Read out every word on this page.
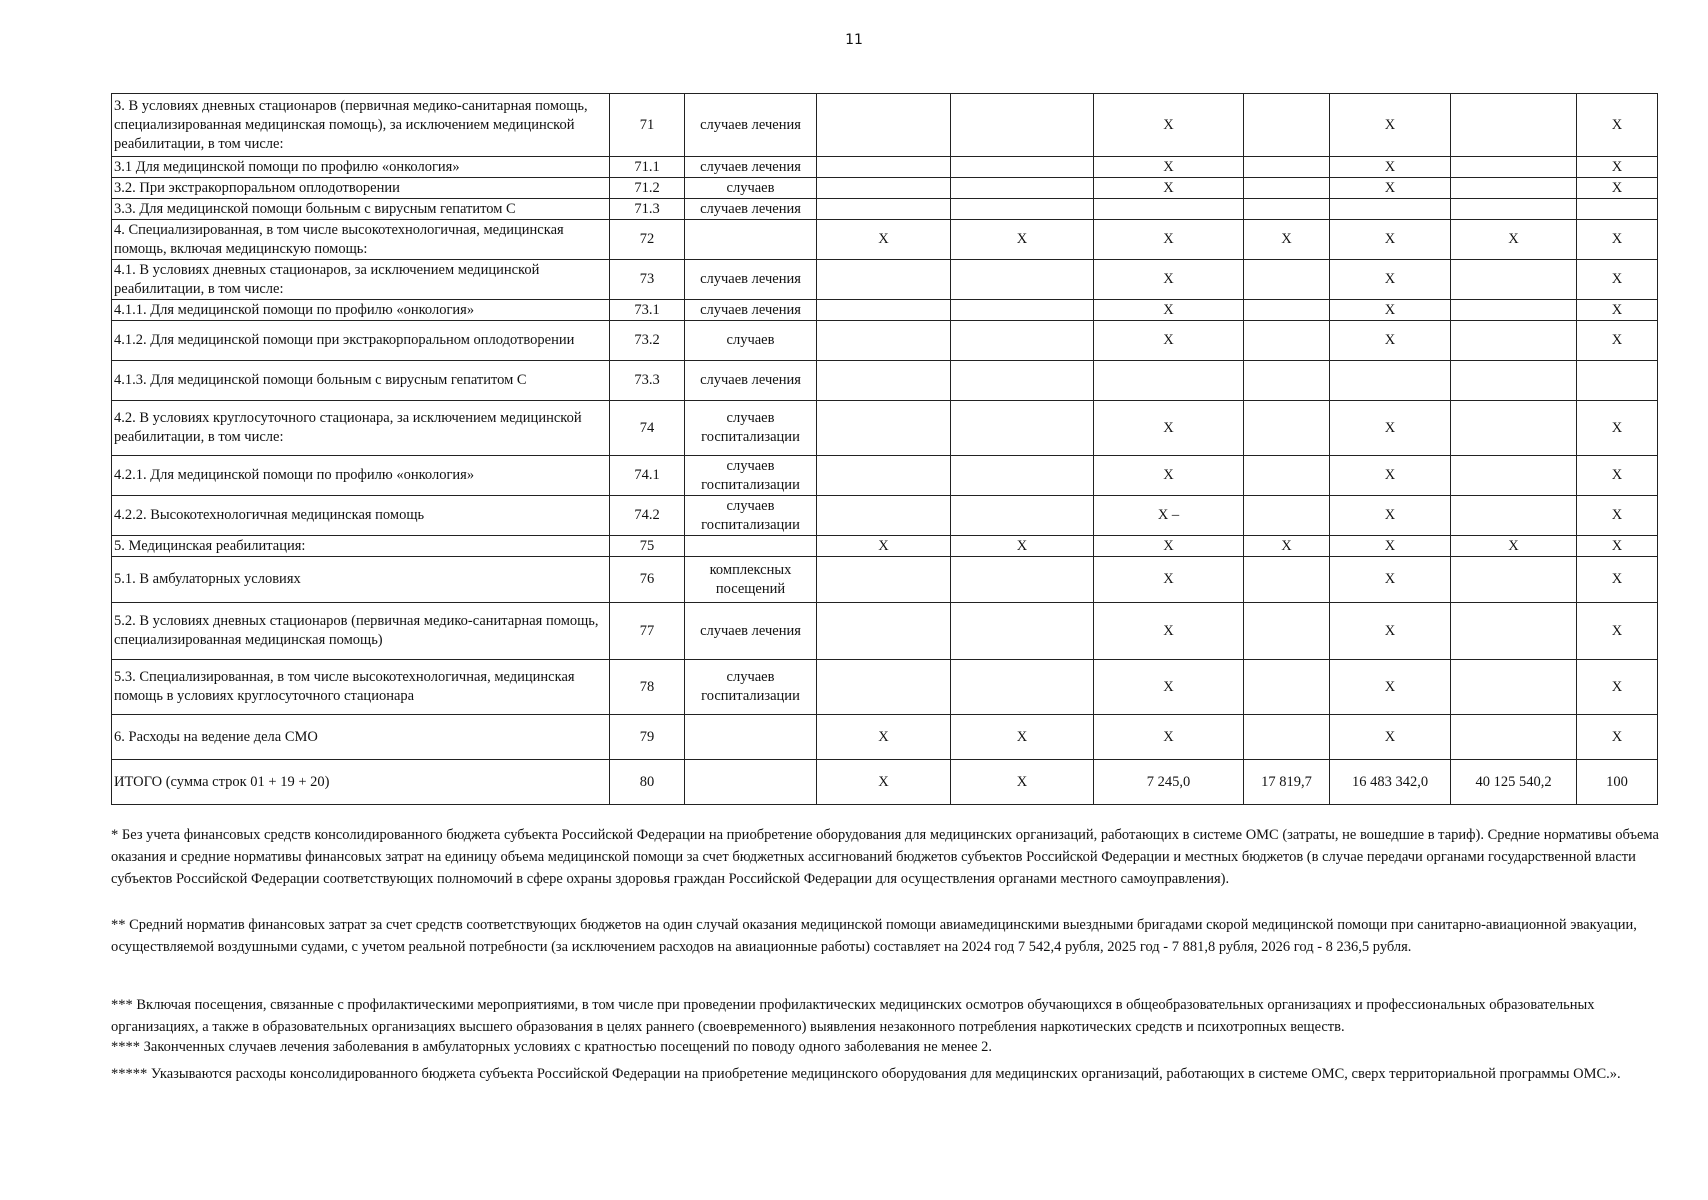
11
3. В условиях дневных стационаров (первичная медико-санитарная помощь, специализированная медицинская помощь), за исключением медицинской реабилитации, в том числе:	71	случаев лечения			X		X		X
3.1 Для медицинской помощи по профилю «онкология»	71.1	случаев лечения			X		X		X
3.2. При экстракорпоральном оплодотворении	71.2	случаев			X		X		X
3.3. Для медицинской помощи больным с вирусным гепатитом С	71.3	случаев лечения							
4. Специализированная, в том числе высокотехнологичная, медицинская помощь, включая медицинскую помощь:	72		X	X	X	X	X	X	X
4.1. В условиях дневных стационаров, за исключением медицинской реабилитации, в том числе:	73	случаев лечения			X		X		X
4.1.1. Для медицинской помощи по профилю «онкология»	73.1	случаев лечения			X		X		X
4.1.2. Для медицинской помощи при экстракорпоральном оплодотворении	73.2	случаев			X		X		X
4.1.3. Для медицинской помощи больным с вирусным гепатитом С	73.3	случаев лечения							
4.2. В условиях круглосуточного стационара, за исключением медицинской реабилитации, в том числе:	74	случаев госпитализации			X		X		X
4.2.1. Для медицинской помощи по профилю «онкология»	74.1	случаев госпитализации			X		X		X
4.2.2. Высокотехнологичная медицинская помощь	74.2	случаев госпитализации			X –		X		X
5. Медицинская реабилитация:	75		X	X	X	X	X	X	X
5.1. В амбулаторных условиях	76	комплексных посещений			X		X		X
5.2. В условиях дневных стационаров (первичная медико-санитарная помощь, специализированная медицинская помощь)	77	случаев лечения			X		X		X
5.3. Специализированная, в том числе высокотехнологичная, медицинская помощь в условиях круглосуточного стационара	78	случаев госпитализации			X		X		X
6. Расходы на ведение дела СМО	79		X	X	X		X		X
ИТОГО (сумма строк 01 + 19 + 20)	80		X	X	7 245,0	17 819,7	16 483 342,0	40 125 540,2	100

* Без учета финансовых средств консолидированного бюджета субъекта Российской Федерации на приобретение оборудования для медицинских организаций, работающих в системе ОМС (затраты, не вошедшие в тариф). Средние нормативы объема оказания и средние нормативы финансовых затрат на единицу объема медицинской помощи за счет бюджетных ассигнований бюджетов субъектов Российской Федерации и местных бюджетов (в случае передачи органами государственной власти субъектов Российской Федерации соответствующих полномочий в сфере охраны здоровья граждан Российской Федерации для осуществления органами местного самоуправления).

** Средний норматив финансовых затрат за счет средств соответствующих бюджетов на один случай оказания медицинской помощи авиамедицинскими выездными бригадами скорой медицинской помощи при санитарно-авиационной эвакуации, осуществляемой воздушными судами, с учетом реальной потребности (за исключением расходов на авиационные работы) составляет на 2024 год 7 542,4 рубля, 2025 год - 7 881,8 рубля, 2026 год - 8 236,5 рубля.

*** Включая посещения, связанные с профилактическими мероприятиями, в том числе при проведении профилактических медицинских осмотров обучающихся в общеобразовательных организациях и профессиональных образовательных организациях, а также в образовательных организациях высшего образования в целях раннего (своевременного) выявления незаконного потребления наркотических средств и психотропных веществ.

**** Законченных случаев лечения заболевания в амбулаторных условиях с кратностью посещений по поводу одного заболевания не менее 2.

***** Указываются расходы консолидированного бюджета субъекта Российской Федерации на приобретение медицинского оборудования для медицинских организаций, работающих в системе ОМС, сверх территориальной программы ОМС.».
